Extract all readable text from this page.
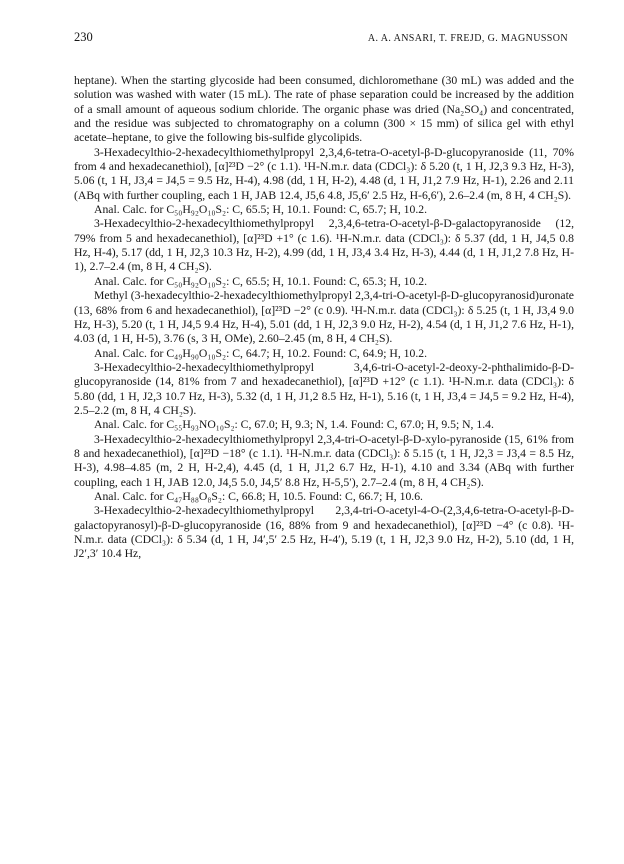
230	A. A. ANSARI, T. FREJD, G. MAGNUSSON

heptane). When the starting glycoside had been consumed, dichloromethane (30 mL) was added and the solution was washed with water (15 mL). The rate of phase separation could be increased by the addition of a small amount of aqueous sodium chloride. The organic phase was dried (Na₂SO₄) and concentrated, and the residue was subjected to chromatography on a column (300 × 15 mm) of silica gel with ethyl acetate–heptane, to give the following bis-sulfide glycolipids.

3-Hexadecylthio-2-hexadecylthiomethylpropyl 2,3,4,6-tetra-O-acetyl-β-D-glucopyranoside (11, 70% from 4 and hexadecanethiol), [α]²³D −2° (c 1.1). ¹H-N.m.r. data (CDCl₃): δ 5.20 (t, 1 H, J2,3 9.3 Hz, H-3), 5.06 (t, 1 H, J3,4 = J4,5 = 9.5 Hz, H-4), 4.98 (dd, 1 H, H-2), 4.48 (d, 1 H, J1,2 7.9 Hz, H-1), 2.26 and 2.11 (ABq with further coupling, each 1 H, JAB 12.4, J5,6 4.8, J5,6′ 2.5 Hz, H-6,6′), 2.6–2.4 (m, 8 H, 4 CH₂S).

Anal. Calc. for C₅₀H₉₂O₁₀S₂: C, 65.5; H, 10.1. Found: C, 65.7; H, 10.2.

3-Hexadecylthio-2-hexadecylthiomethylpropyl 2,3,4,6-tetra-O-acetyl-β-D-galactopyranoside (12, 79% from 5 and hexadecanethiol), [α]²³D +1° (c 1.6). ¹H-N.m.r. data (CDCl₃): δ 5.37 (dd, 1 H, J4,5 0.8 Hz, H-4), 5.17 (dd, 1 H, J2,3 10.3 Hz, H-2), 4.99 (dd, 1 H, J3,4 3.4 Hz, H-3), 4.44 (d, 1 H, J1,2 7.8 Hz, H-1), 2.7–2.4 (m, 8 H, 4 CH₂S).

Anal. Calc. for C₅₀H₉₂O₁₀S₂: C, 65.5; H, 10.1. Found: C, 65.3; H, 10.2.

Methyl (3-hexadecylthio-2-hexadecylthiomethylpropyl 2,3,4-tri-O-acetyl-β-D-glucopyranosid)uronate (13, 68% from 6 and hexadecanethiol), [α]²³D −2° (c 0.9). ¹H-N.m.r. data (CDCl₃): δ 5.25 (t, 1 H, J3,4 9.0 Hz, H-3), 5.20 (t, 1 H, J4,5 9.4 Hz, H-4), 5.01 (dd, 1 H, J2,3 9.0 Hz, H-2), 4.54 (d, 1 H, J1,2 7.6 Hz, H-1), 4.03 (d, 1 H, H-5), 3.76 (s, 3 H, OMe), 2.60–2.45 (m, 8 H, 4 CH₂S).

Anal. Calc. for C₄₉H₉₀O₁₀S₂: C, 64.7; H, 10.2. Found: C, 64.9; H, 10.2.

3-Hexadecylthio-2-hexadecylthiomethylpropyl 3,4,6-tri-O-acetyl-2-deoxy-2-phthalimido-β-D-glucopyranoside (14, 81% from 7 and hexadecanethiol), [α]²³D +12° (c 1.1). ¹H-N.m.r. data (CDCl₃): δ 5.80 (dd, 1 H, J2,3 10.7 Hz, H-3), 5.32 (d, 1 H, J1,2 8.5 Hz, H-1), 5.16 (t, 1 H, J3,4 = J4,5 = 9.2 Hz, H-4), 2.5–2.2 (m, 8 H, 4 CH₂S).

Anal. Calc. for C₅₅H₉₃NO₁₀S₂: C, 67.0; H, 9.3; N, 1.4. Found: C, 67.0; H, 9.5; N, 1.4.

3-Hexadecylthio-2-hexadecylthiomethylpropyl 2,3,4-tri-O-acetyl-β-D-xylo-pyranoside (15, 61% from 8 and hexadecanethiol), [α]²³D −18° (c 1.1). ¹H-N.m.r. data (CDCl₃): δ 5.15 (t, 1 H, J2,3 = J3,4 = 8.5 Hz, H-3), 4.98–4.85 (m, 2 H, H-2,4), 4.45 (d, 1 H, J1,2 6.7 Hz, H-1), 4.10 and 3.34 (ABq with further coupling, each 1 H, JAB 12.0, J4,5 5.0, J4,5′ 8.8 Hz, H-5,5′), 2.7–2.4 (m, 8 H, 4 CH₂S).

Anal. Calc. for C₄₇H₈₈O₈S₂: C, 66.8; H, 10.5. Found: C, 66.7; H, 10.6.

3-Hexadecylthio-2-hexadecylthiomethylpropyl 2,3,4-tri-O-acetyl-4-O-(2,3,4,6-tetra-O-acetyl-β-D-galactopyranosyl)-β-D-glucopyranoside (16, 88% from 9 and hexadecanethiol), [α]²³D −4° (c 0.8). ¹H-N.m.r. data (CDCl₃): δ 5.34 (d, 1 H, J4′,5′ 2.5 Hz, H-4′), 5.19 (t, 1 H, J2,3 9.0 Hz, H-2), 5.10 (dd, 1 H, J2′,3′ 10.4 Hz,
